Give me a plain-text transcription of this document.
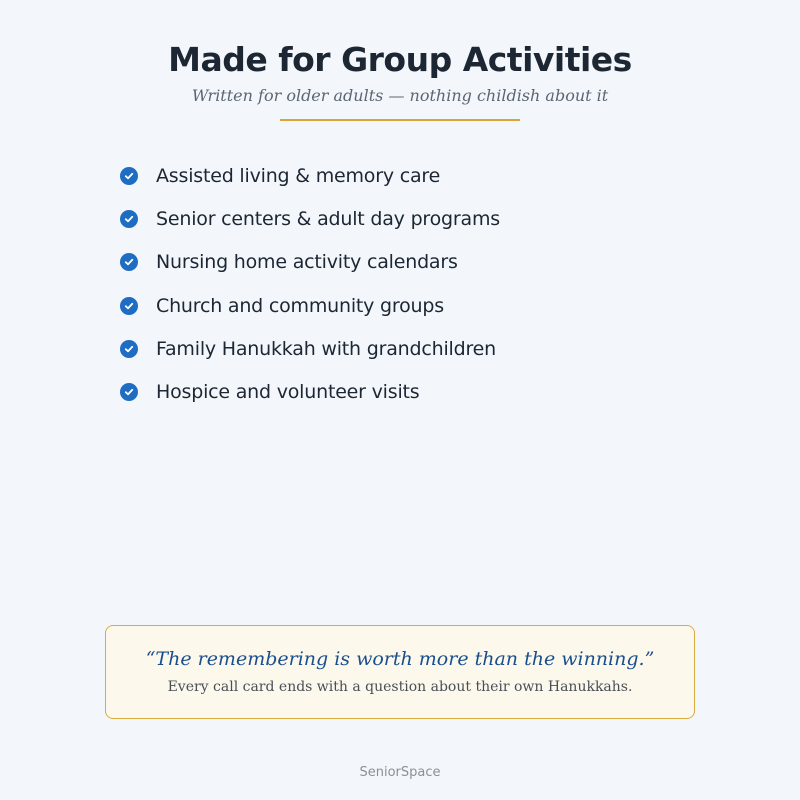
Made for Group Activities

Written for older adults — nothing childish about it

Assisted living & memory care
Senior centers & adult day programs
Nursing home activity calendars
Church and community groups
Family Hanukkah with grandchildren
Hospice and volunteer visits

“The remembering is worth more than the winning.”

Every call card ends with a question about their own Hanukkahs.

SeniorSpace
